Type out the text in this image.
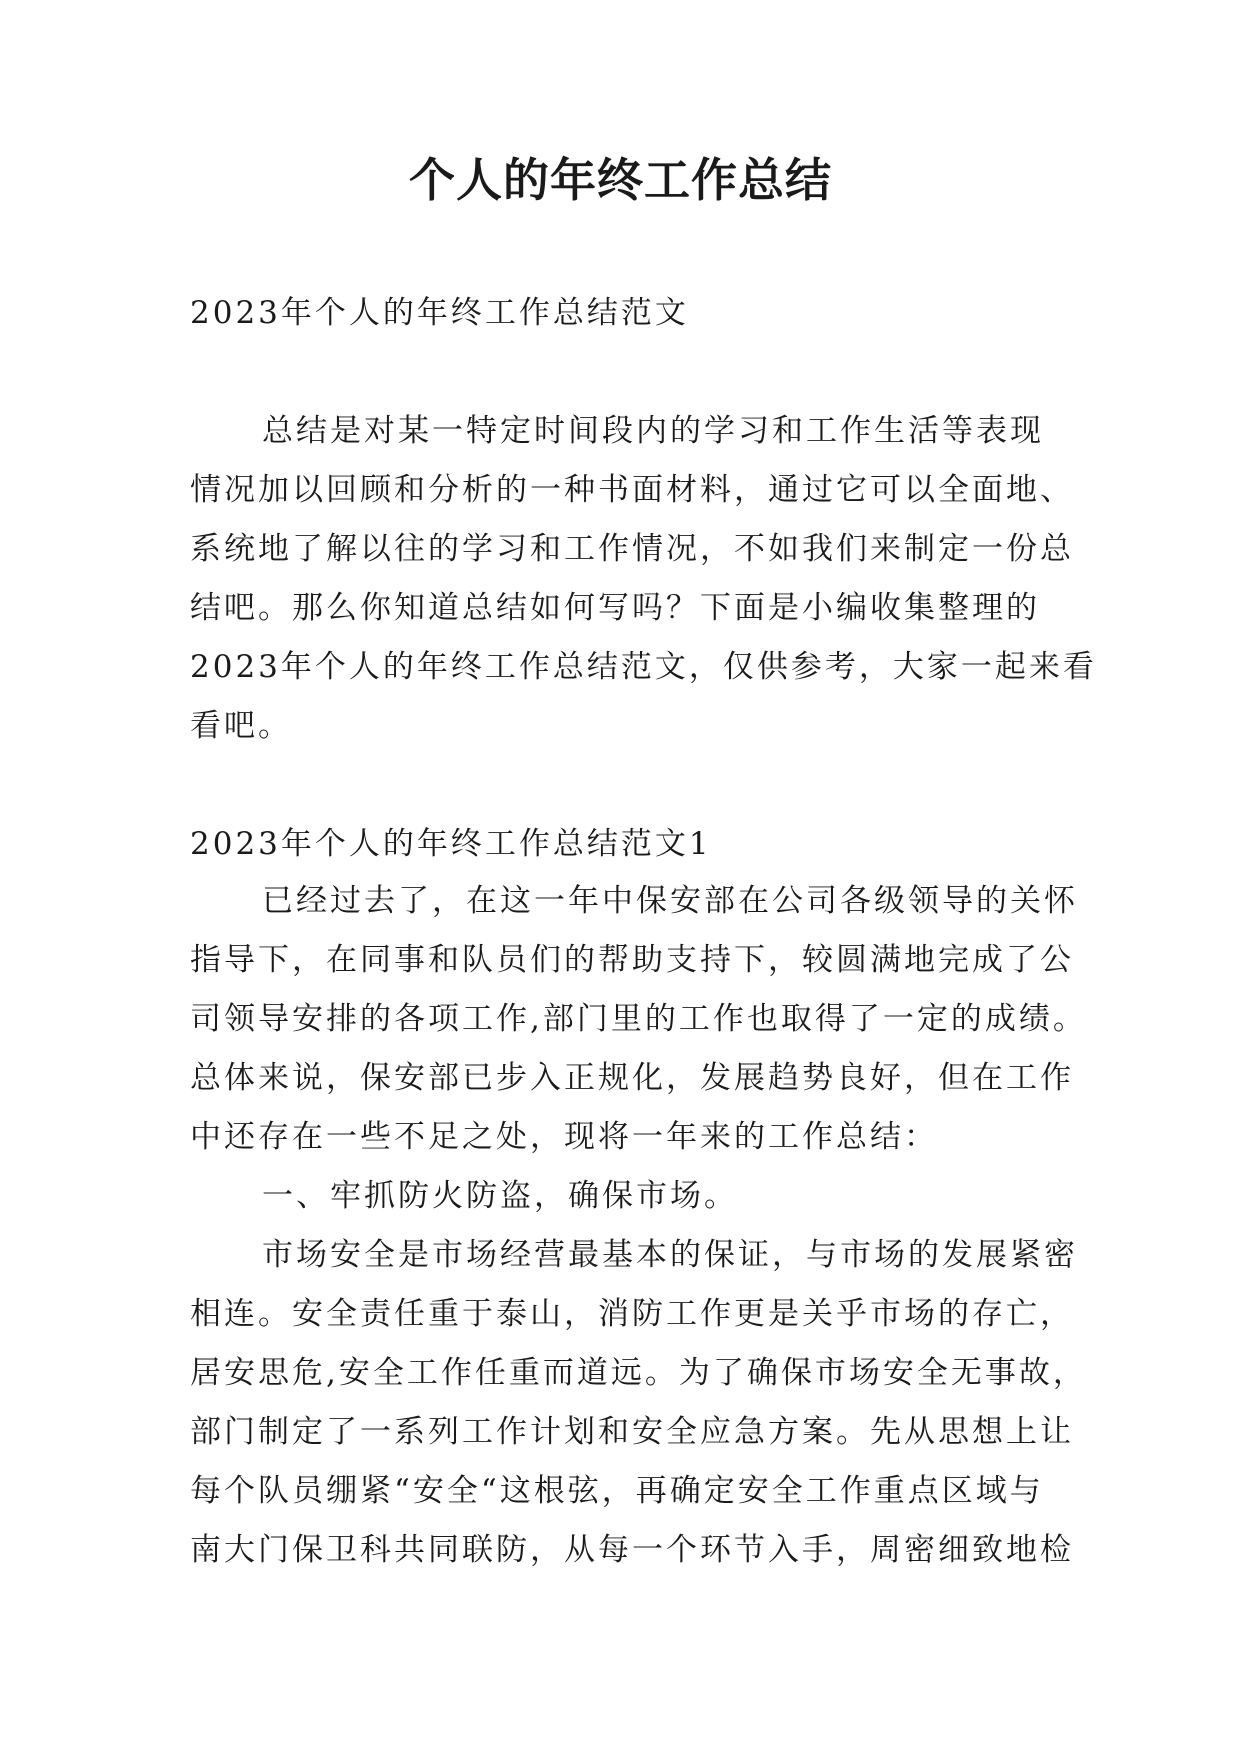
个人的年终工作总结

2023年个人的年终工作总结范文

总结是对某一特定时间段内的学习和工作生活等表现
情况加以回顾和分析的一种书面材料，通过它可以全面地、
系统地了解以往的学习和工作情况，不如我们来制定一份总
结吧。那么你知道总结如何写吗？下面是小编收集整理的
2023年个人的年终工作总结范文，仅供参考，大家一起来看
看吧。

2023年个人的年终工作总结范文1

已经过去了，在这一年中保安部在公司各级领导的关怀
指导下，在同事和队员们的帮助支持下，较圆满地完成了公
司领导安排的各项工作,部门里的工作也取得了一定的成绩。
总体来说，保安部已步入正规化，发展趋势良好，但在工作
中还存在一些不足之处，现将一年来的工作总结：
一、牢抓防火防盗，确保市场。
市场安全是市场经营最基本的保证，与市场的发展紧密
相连。安全责任重于泰山，消防工作更是关乎市场的存亡，
居安思危,安全工作任重而道远。为了确保市场安全无事故，
部门制定了一系列工作计划和安全应急方案。先从思想上让
每个队员绷紧“安全“这根弦，再确定安全工作重点区域与
南大门保卫科共同联防，从每一个环节入手，周密细致地检
